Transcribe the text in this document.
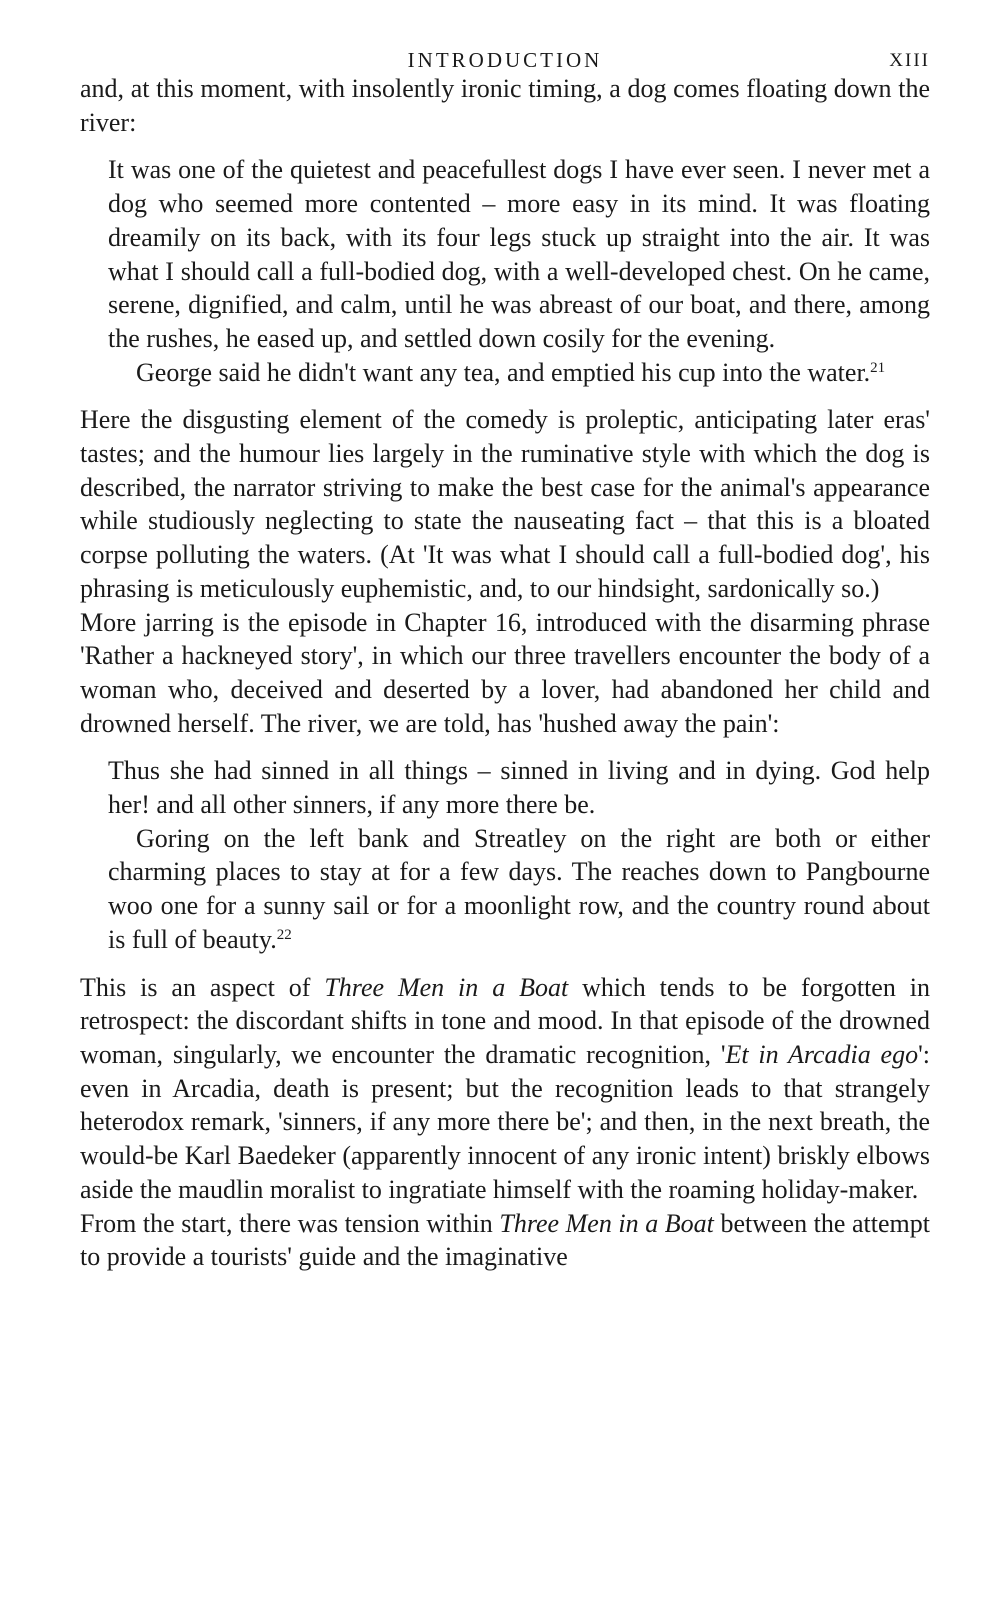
INTRODUCTION	XIII

and, at this moment, with insolently ironic timing, a dog comes floating down the river:

It was one of the quietest and peacefullest dogs I have ever seen. I never met a dog who seemed more contented – more easy in its mind. It was floating dreamily on its back, with its four legs stuck up straight into the air. It was what I should call a full-bodied dog, with a well-developed chest. On he came, serene, dignified, and calm, until he was abreast of our boat, and there, among the rushes, he eased up, and settled down cosily for the evening.

George said he didn't want any tea, and emptied his cup into the water.$^{21}$

Here the disgusting element of the comedy is proleptic, anticipating later eras' tastes; and the humour lies largely in the ruminative style with which the dog is described, the narrator striving to make the best case for the animal's appearance while studiously neglecting to state the nauseating fact – that this is a bloated corpse polluting the waters. (At 'It was what I should call a full-bodied dog', his phrasing is meticulously euphemistic, and, to our hindsight, sardonically so.)

More jarring is the episode in Chapter 16, introduced with the disarming phrase 'Rather a hackneyed story', in which our three travellers encounter the body of a woman who, deceived and deserted by a lover, had abandoned her child and drowned herself. The river, we are told, has 'hushed away the pain':

Thus she had sinned in all things – sinned in living and in dying. God help her! and all other sinners, if any more there be.

Goring on the left bank and Streatley on the right are both or either charming places to stay at for a few days. The reaches down to Pangbourne woo one for a sunny sail or for a moonlight row, and the country round about is full of beauty.$^{22}$

This is an aspect of Three Men in a Boat which tends to be forgotten in retrospect: the discordant shifts in tone and mood. In that episode of the drowned woman, singularly, we encounter the dramatic recognition, 'Et in Arcadia ego': even in Arcadia, death is present; but the recognition leads to that strangely heterodox remark, 'sinners, if any more there be'; and then, in the next breath, the would-be Karl Baedeker (apparently innocent of any ironic intent) briskly elbows aside the maudlin moralist to ingratiate himself with the roaming holiday-maker.

From the start, there was tension within Three Men in a Boat between the attempt to provide a tourists' guide and the imaginative
